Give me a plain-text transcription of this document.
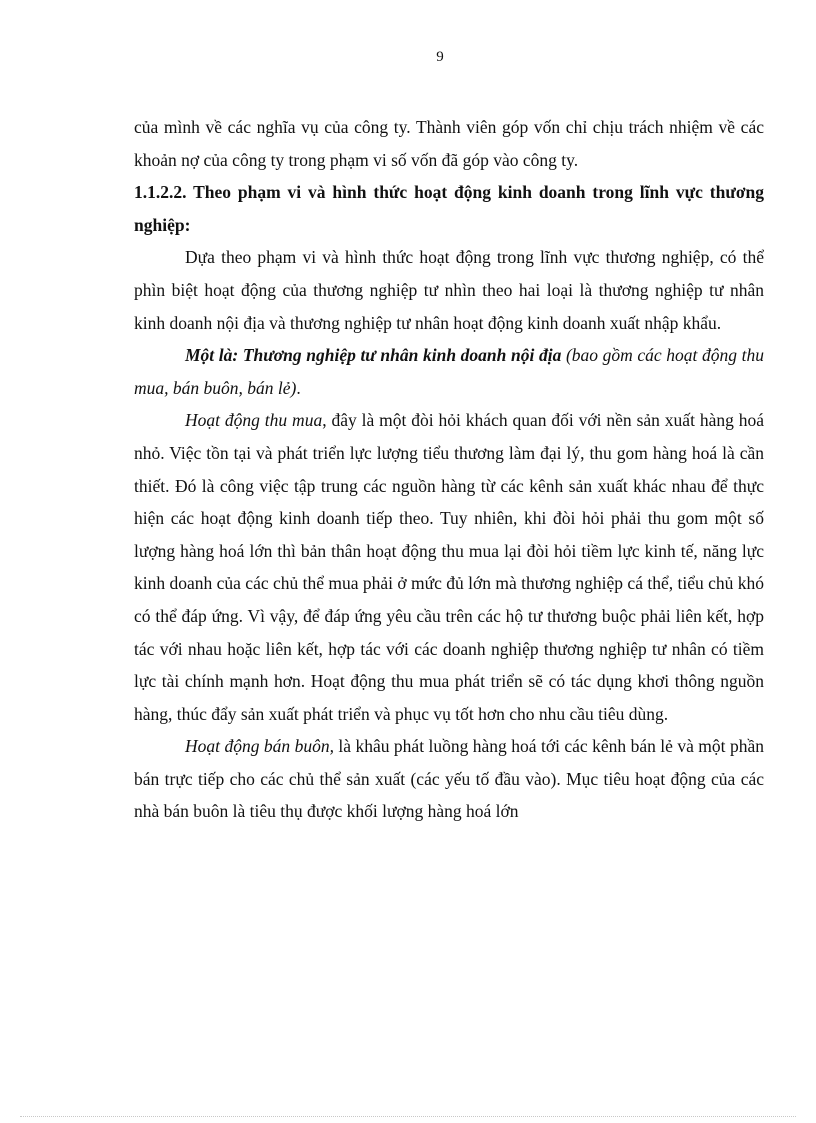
9

của mình về các nghĩa vụ của công ty. Thành viên góp vốn chỉ chịu trách nhiệm về các khoản nợ của công ty trong phạm vi số vốn đã góp vào công ty.

1.1.2.2. Theo phạm vi và hình thức hoạt động kinh doanh trong lĩnh vực thương nghiệp:

Dựa theo phạm vi và hình thức hoạt động trong lĩnh vực thương nghiệp, có thể phìn biệt hoạt động của thương nghiệp tư nhìn theo hai loại là thương nghiệp tư nhân kinh doanh nội địa và thương nghiệp tư nhân hoạt động kinh doanh xuất nhập khẩu.

Một là: Thương nghiệp tư nhân kinh doanh nội địa (bao gồm các hoạt động thu mua, bán buôn, bán lẻ).

Hoạt động thu mua, đây là một đòi hỏi khách quan đối với nền sản xuất hàng hoá nhỏ. Việc tồn tại và phát triển lực lượng tiểu thương làm đại lý, thu gom hàng hoá là cần thiết. Đó là công việc tập trung các nguồn hàng từ các kênh sản xuất khác nhau để thực hiện các hoạt động kinh doanh tiếp theo. Tuy nhiên, khi đòi hỏi phải thu gom một số lượng hàng hoá lớn thì bản thân hoạt động thu mua lại đòi hỏi tiềm lực kinh tế, năng lực kinh doanh của các chủ thể mua phải ở mức đủ lớn mà thương nghiệp cá thể, tiểu chủ khó có thể đáp ứng. Vì vậy, để đáp ứng yêu cầu trên các hộ tư thương buộc phải liên kết, hợp tác với nhau hoặc liên kết, hợp tác với các doanh nghiệp thương nghiệp tư nhân có tiềm lực tài chính mạnh hơn. Hoạt động thu mua phát triển sẽ có tác dụng khơi thông nguồn hàng, thúc đẩy sản xuất phát triển và phục vụ tốt hơn cho nhu cầu tiêu dùng.

Hoạt động bán buôn, là khâu phát luồng hàng hoá tới các kênh bán lẻ và một phần bán trực tiếp cho các chủ thể sản xuất (các yếu tố đầu vào). Mục tiêu hoạt động của các nhà bán buôn là tiêu thụ được khối lượng hàng hoá lớn
